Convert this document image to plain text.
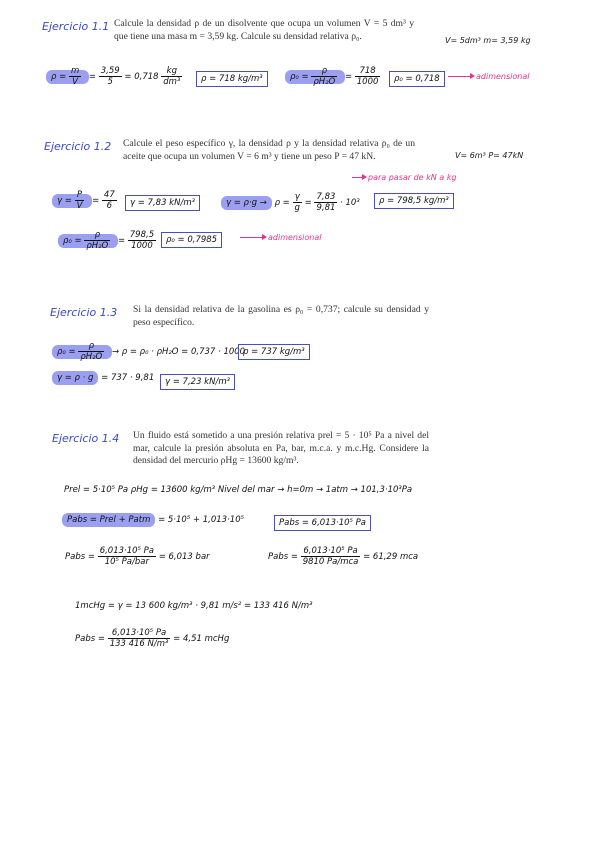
Ejercicio 1.1 Calcule la densidad ρ de un disolvente que ocupa un volumen V = 5 dm³ y que tiene una masa m = 3,59 kg. Calcule su densidad relativa ρ₀.	V= 5dm³ m= 3,59 kg
$\rho = \frac{m}{V} = \frac{3,59}{5} = 0,718 \frac{kg}{\text{dm³}}$	ρ = 718 kg/m³	$\rho_0 = \frac{\rho}{\text{ρH₂O}} = \frac{718}{1000}$	ρ₀ = 0,718	adimensional
Ejercicio 1.2 Calcule el peso específico γ, la densidad ρ y la densidad relativa ρ₀ de un aceite que ocupa un volumen V = 6 m³ y tiene un peso P = 47 kN.	V= 6m³ P= 47kN
$\gamma = \frac{P}{V} = \frac{47}{6}$	γ = 7,83 kN/m³	$\gamma = \rho\cdot g \to \rho = \frac{\gamma}{g} = \frac{7,83}{9,81} \cdot 10^3$	ρ = 798,5 kg/m³
para pasar de kN a kg
$\rho_0 = \frac{\rho}{\text{ρH₂O}} = \frac{798,5}{1000}$	ρ₀ = 0,7985	adimensional
Ejercicio 1.3 Si la densidad relativa de la gasolina es ρ₀ = 0,737; calcule su densidad y peso específico.
$\rho_0 = \frac{\rho}{\text{ρH₂O}} \to \rho = \rho_0 \cdot \rho H_2O = 0,737 \cdot 1000$
ρ = 737 kg/m³
γ = ρ · g = 737 · 9,81	γ = 7,23 kN/m³
Ejercicio 1.4 Un fluido está sometido a una presión relativa prel = 5 · 10⁵ Pa a nivel del mar, calcule la presión absoluta en Pa, bar, m.c.a. y m.c.Hg. Considere la densidad del mercurio ρHg = 13600 kg/m³.
Prel = 5·10⁵ Pa ρHg = 13600 kg/m³ Nivel del mar → h=0m → 1atm → 101,3·10³Pa
Pabs = Prel + Patm = 5·10⁵ + 1,013·10⁵	Pabs = 6,013·10⁵ Pa
Pabs = $\frac{\text{6,013·10⁵ Pa}}{\text{10⁵ Pa/bar}} = 6,013$ bar	Pabs = $\frac{\text{6,013·10⁵ Pa}}{\text{9810 Pa/mca}} = 61,29$ mca
1mcHg = γ = 13 600 kg/m³ · 9,81 m/s² = 133 416 N/m³
Pabs = $\frac{\text{6,013·10⁵ Pa}}{\text{133 416 N/m³}} = 4,51$ mcHg
